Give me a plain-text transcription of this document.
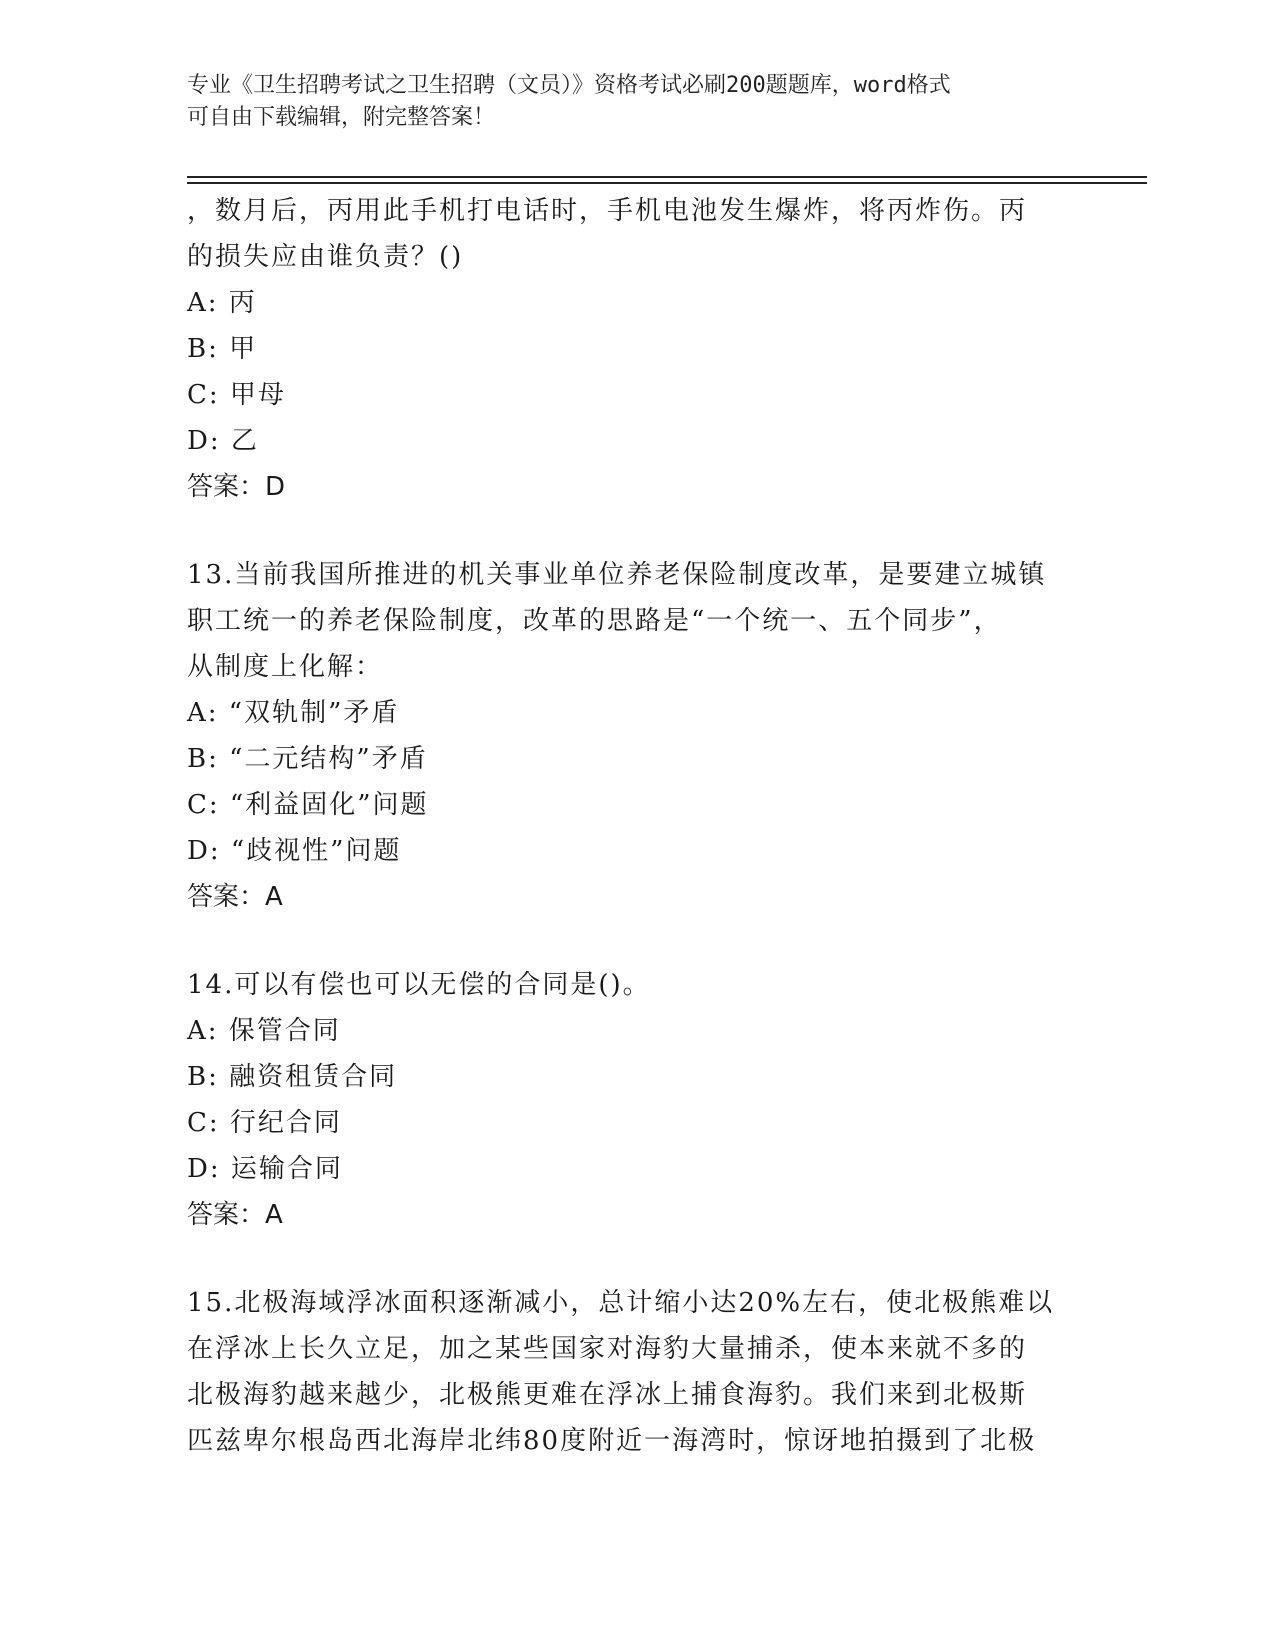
专业《卫生招聘考试之卫生招聘（文员）》资格考试必刷200题题库，word格式
可自由下载编辑，附完整答案！
，数月后，丙用此手机打电话时，手机电池发生爆炸，将丙炸伤。丙
的损失应由谁负责？()
A: 丙
B: 甲
C: 甲母
D: 乙
答案：D
13.当前我国所推进的机关事业单位养老保险制度改革，是要建立城镇
职工统一的养老保险制度，改革的思路是“一个统一、五个同步”，
从制度上化解：
A: “双轨制”矛盾
B: “二元结构”矛盾
C: “利益固化”问题
D: “歧视性”问题
答案：A
14.可以有偿也可以无偿的合同是()。
A: 保管合同
B: 融资租赁合同
C: 行纪合同
D: 运输合同
答案：A
15.北极海域浮冰面积逐渐减小，总计缩小达20%左右，使北极熊难以
在浮冰上长久立足，加之某些国家对海豹大量捕杀，使本来就不多的
北极海豹越来越少，北极熊更难在浮冰上捕食海豹。我们来到北极斯
匹兹卑尔根岛西北海岸北纬80度附近一海湾时，惊讶地拍摄到了北极
